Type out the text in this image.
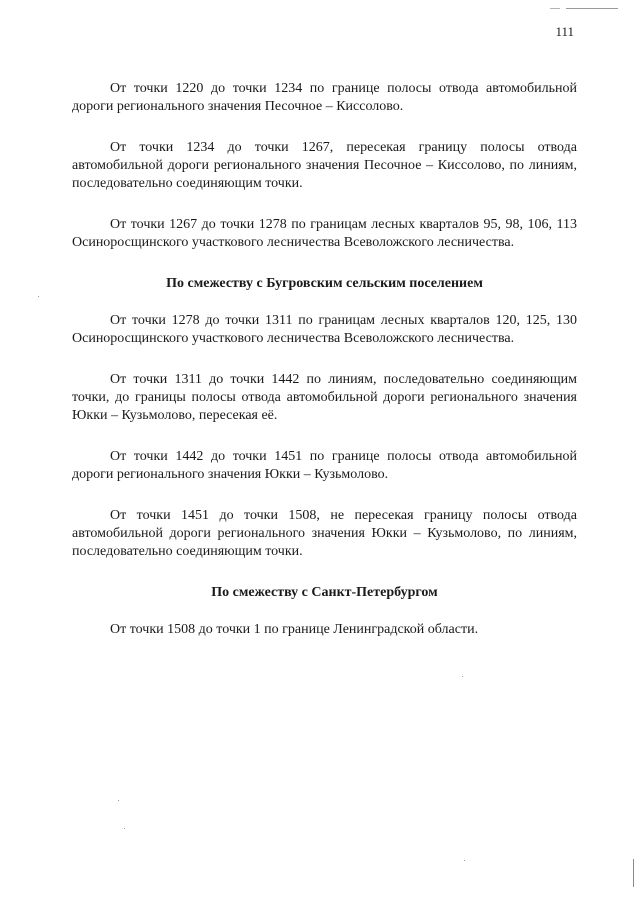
111

От точки 1220 до точки 1234 по границе полосы отвода автомобильной дороги регионального значения Песочное – Киссолово.

От точки 1234 до точки 1267, пересекая границу полосы отвода автомобильной дороги регионального значения Песочное – Киссолово, по линиям, последовательно соединяющим точки.

От точки 1267 до точки 1278 по границам лесных кварталов 95, 98, 106, 113 Осиноросщинского участкового лесничества Всеволожского лесничества.

По смежеству с Бугровским сельским поселением

От точки 1278 до точки 1311 по границам лесных кварталов 120, 125, 130 Осиноросщинского участкового лесничества Всеволожского лесничества.

От точки 1311 до точки 1442 по линиям, последовательно соединяющим точки, до границы полосы отвода автомобильной дороги регионального значения Юкки – Кузьмолово, пересекая её.

От точки 1442 до точки 1451 по границе полосы отвода автомобильной дороги регионального значения Юкки – Кузьмолово.

От точки 1451 до точки 1508, не пересекая границу полосы отвода автомобильной дороги регионального значения Юкки – Кузьмолово, по линиям, последовательно соединяющим точки.

По смежеству с Санкт-Петербургом

От точки 1508 до точки 1 по границе Ленинградской области.
